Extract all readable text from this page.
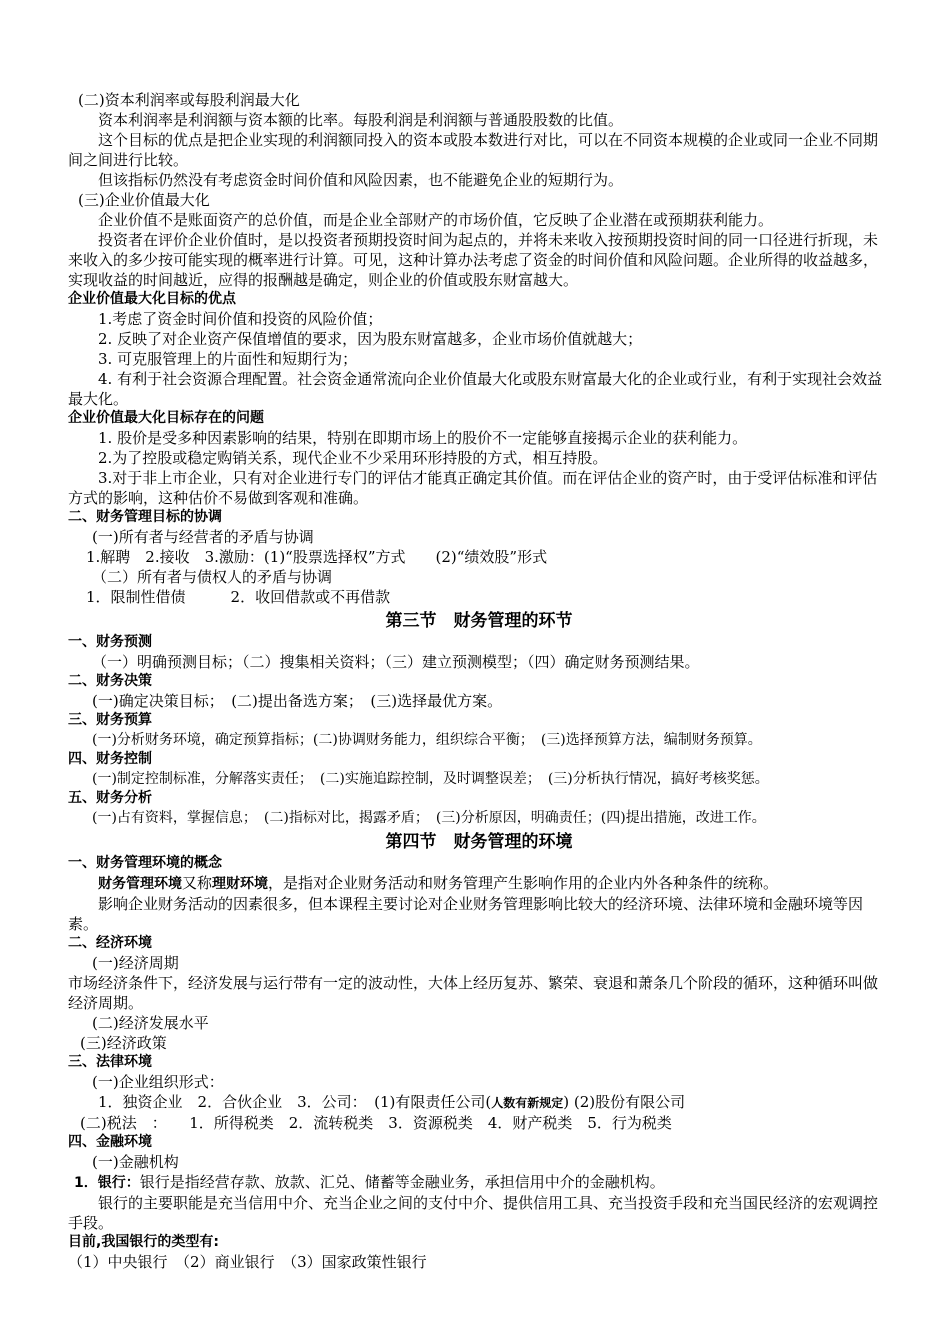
(二)资本利润率或每股利润最大化

资本利润率是利润额与资本额的比率。每股利润是利润额与普通股股数的比值。

这个目标的优点是把企业实现的利润额同投入的资本或股本数进行对比，可以在不同资本规模的企业或同一企业不同期间之间进行比较。

但该指标仍然没有考虑资金时间价值和风险因素，也不能避免企业的短期行为。

(三)企业价值最大化

企业价值不是账面资产的总价值，而是企业全部财产的市场价值，它反映了企业潜在或预期获利能力。

投资者在评价企业价值时，是以投资者预期投资时间为起点的，并将未来收入按预期投资时间的同一口径进行折现，未来收入的多少按可能实现的概率进行计算。可见，这种计算办法考虑了资金的时间价值和风险问题。企业所得的收益越多，实现收益的时间越近，应得的报酬越是确定，则企业的价值或股东财富越大。

企业价值最大化目标的优点

1.考虑了资金时间价值和投资的风险价值；

2. 反映了对企业资产保值增值的要求，因为股东财富越多，企业市场价值就越大；

3. 可克服管理上的片面性和短期行为；

4. 有利于社会资源合理配置。社会资金通常流向企业价值最大化或股东财富最大化的企业或行业，有利于实现社会效益最大化。

企业价值最大化目标存在的问题

1. 股价是受多种因素影响的结果，特别在即期市场上的股价不一定能够直接揭示企业的获利能力。

2.为了控股或稳定购销关系，现代企业不少采用环形持股的方式，相互持股。

3.对于非上市企业，只有对企业进行专门的评估才能真正确定其价值。而在评估企业的资产时，由于受评估标准和评估方式的影响，这种估价不易做到客观和准确。

二、财务管理目标的协调

(一)所有者与经营者的矛盾与协调

1.解聘　2.接收　3.激励：(1)“股票选择权”方式　　(2)“绩效股”形式

（二）所有者与债权人的矛盾与协调

1．限制性借债　　　2．收回借款或不再借款

第三节　财务管理的环节

一、财务预测

（一）明确预测目标；（二）搜集相关资料；（三）建立预测模型；（四）确定财务预测结果。

二、财务决策

(一)确定决策目标；　(二)提出备选方案；　(三)选择最优方案。

三、财务预算

(一)分析财务环境，确定预算指标；(二)协调财务能力，组织综合平衡；　(三)选择预算方法，编制财务预算。

四、财务控制

(一)制定控制标准，分解落实责任；　(二)实施追踪控制，及时调整误差；　(三)分析执行情况，搞好考核奖惩。

五、财务分析

(一)占有资料，掌握信息；　(二)指标对比，揭露矛盾；　(三)分析原因，明确责任；(四)提出措施，改进工作。

第四节　财务管理的环境

一、财务管理环境的概念

财务管理环境又称理财环境，是指对企业财务活动和财务管理产生影响作用的企业内外各种条件的统称。

影响企业财务活动的因素很多，但本课程主要讨论对企业财务管理影响比较大的经济环境、法律环境和金融环境等因素。

二、经济环境

(一)经济周期

市场经济条件下，经济发展与运行带有一定的波动性，大体上经历复苏、繁荣、衰退和萧条几个阶段的循环，这种循环叫做经济周期。

(二)经济发展水平

(三)经济政策

三、法律环境

(一)企业组织形式：

1．独资企业　2．合伙企业　3．公司：　(1)有限责任公司(人数有新规定) (2)股份有限公司

(二)税法　：　　1．所得税类　2．流转税类　3．资源税类　4．财产税类　5．行为税类

四、金融环境

(一)金融机构

1．银行：银行是指经营存款、放款、汇兑、储蓄等金融业务，承担信用中介的金融机构。

银行的主要职能是充当信用中介、充当企业之间的支付中介、提供信用工具、充当投资手段和充当国民经济的宏观调控手段。

目前,我国银行的类型有:

（1）中央银行　（2）商业银行　（3）国家政策性银行
